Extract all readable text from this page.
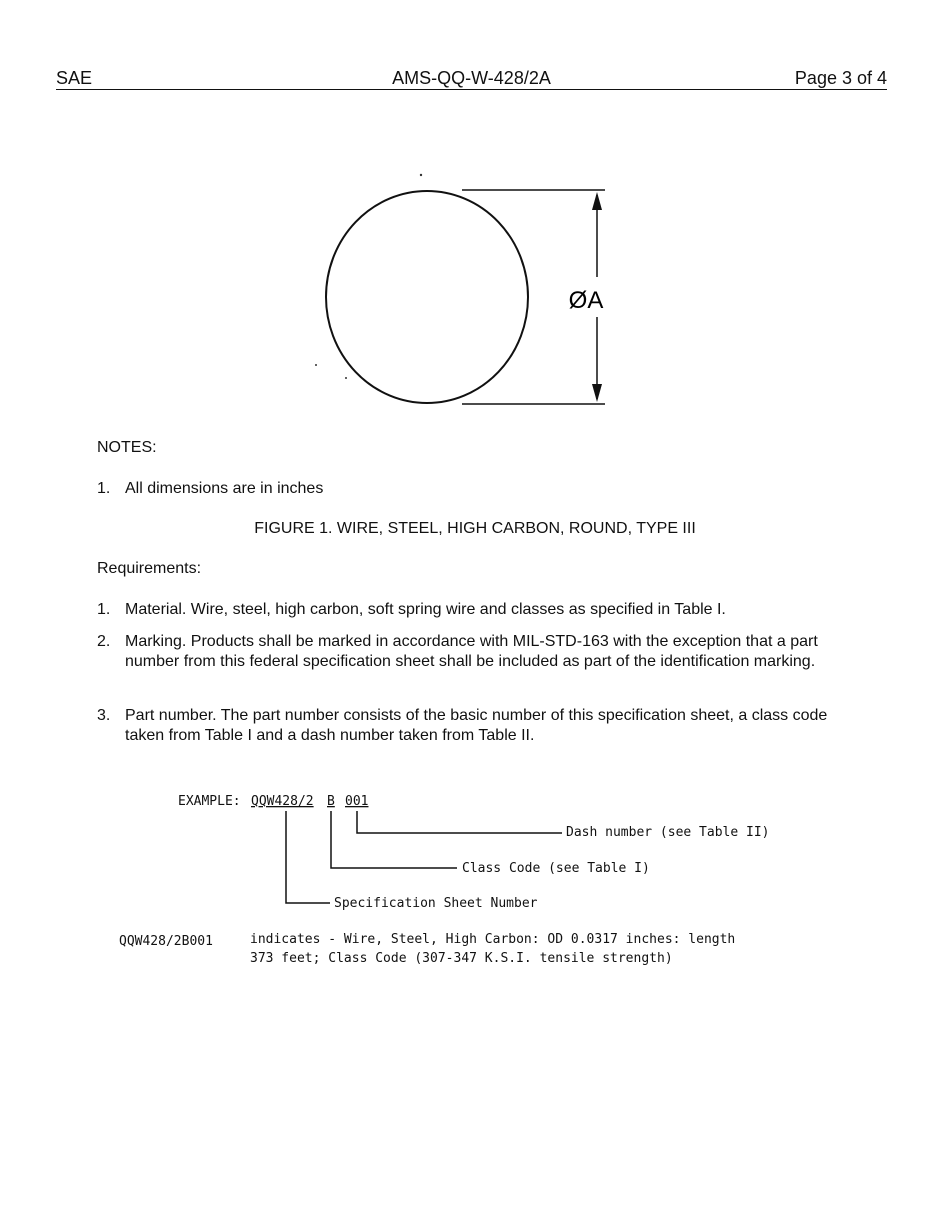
SAE	AMS-QQ-W-428/2A	Page 3 of 4
ØA
NOTES:
1. All dimensions are in inches
FIGURE 1. WIRE, STEEL, HIGH CARBON, ROUND, TYPE III
Requirements:
1. Material. Wire, steel, high carbon, soft spring wire and classes as specified in Table I.
2. Marking. Products shall be marked in accordance with MIL-STD-163 with the exception that a part number from this federal specification sheet shall be included as part of the identification marking.
3. Part number. The part number consists of the basic number of this specification sheet, a class code taken from Table I and a dash number taken from Table II.
EXAMPLE: QQW428/2 B 001
Dash number (see Table II)
Class Code (see Table I)
Specification Sheet Number
QQW428/2B001	indicates - Wire, Steel, High Carbon: OD 0.0317 inches: length
373 feet; Class Code (307-347 K.S.I. tensile strength)
